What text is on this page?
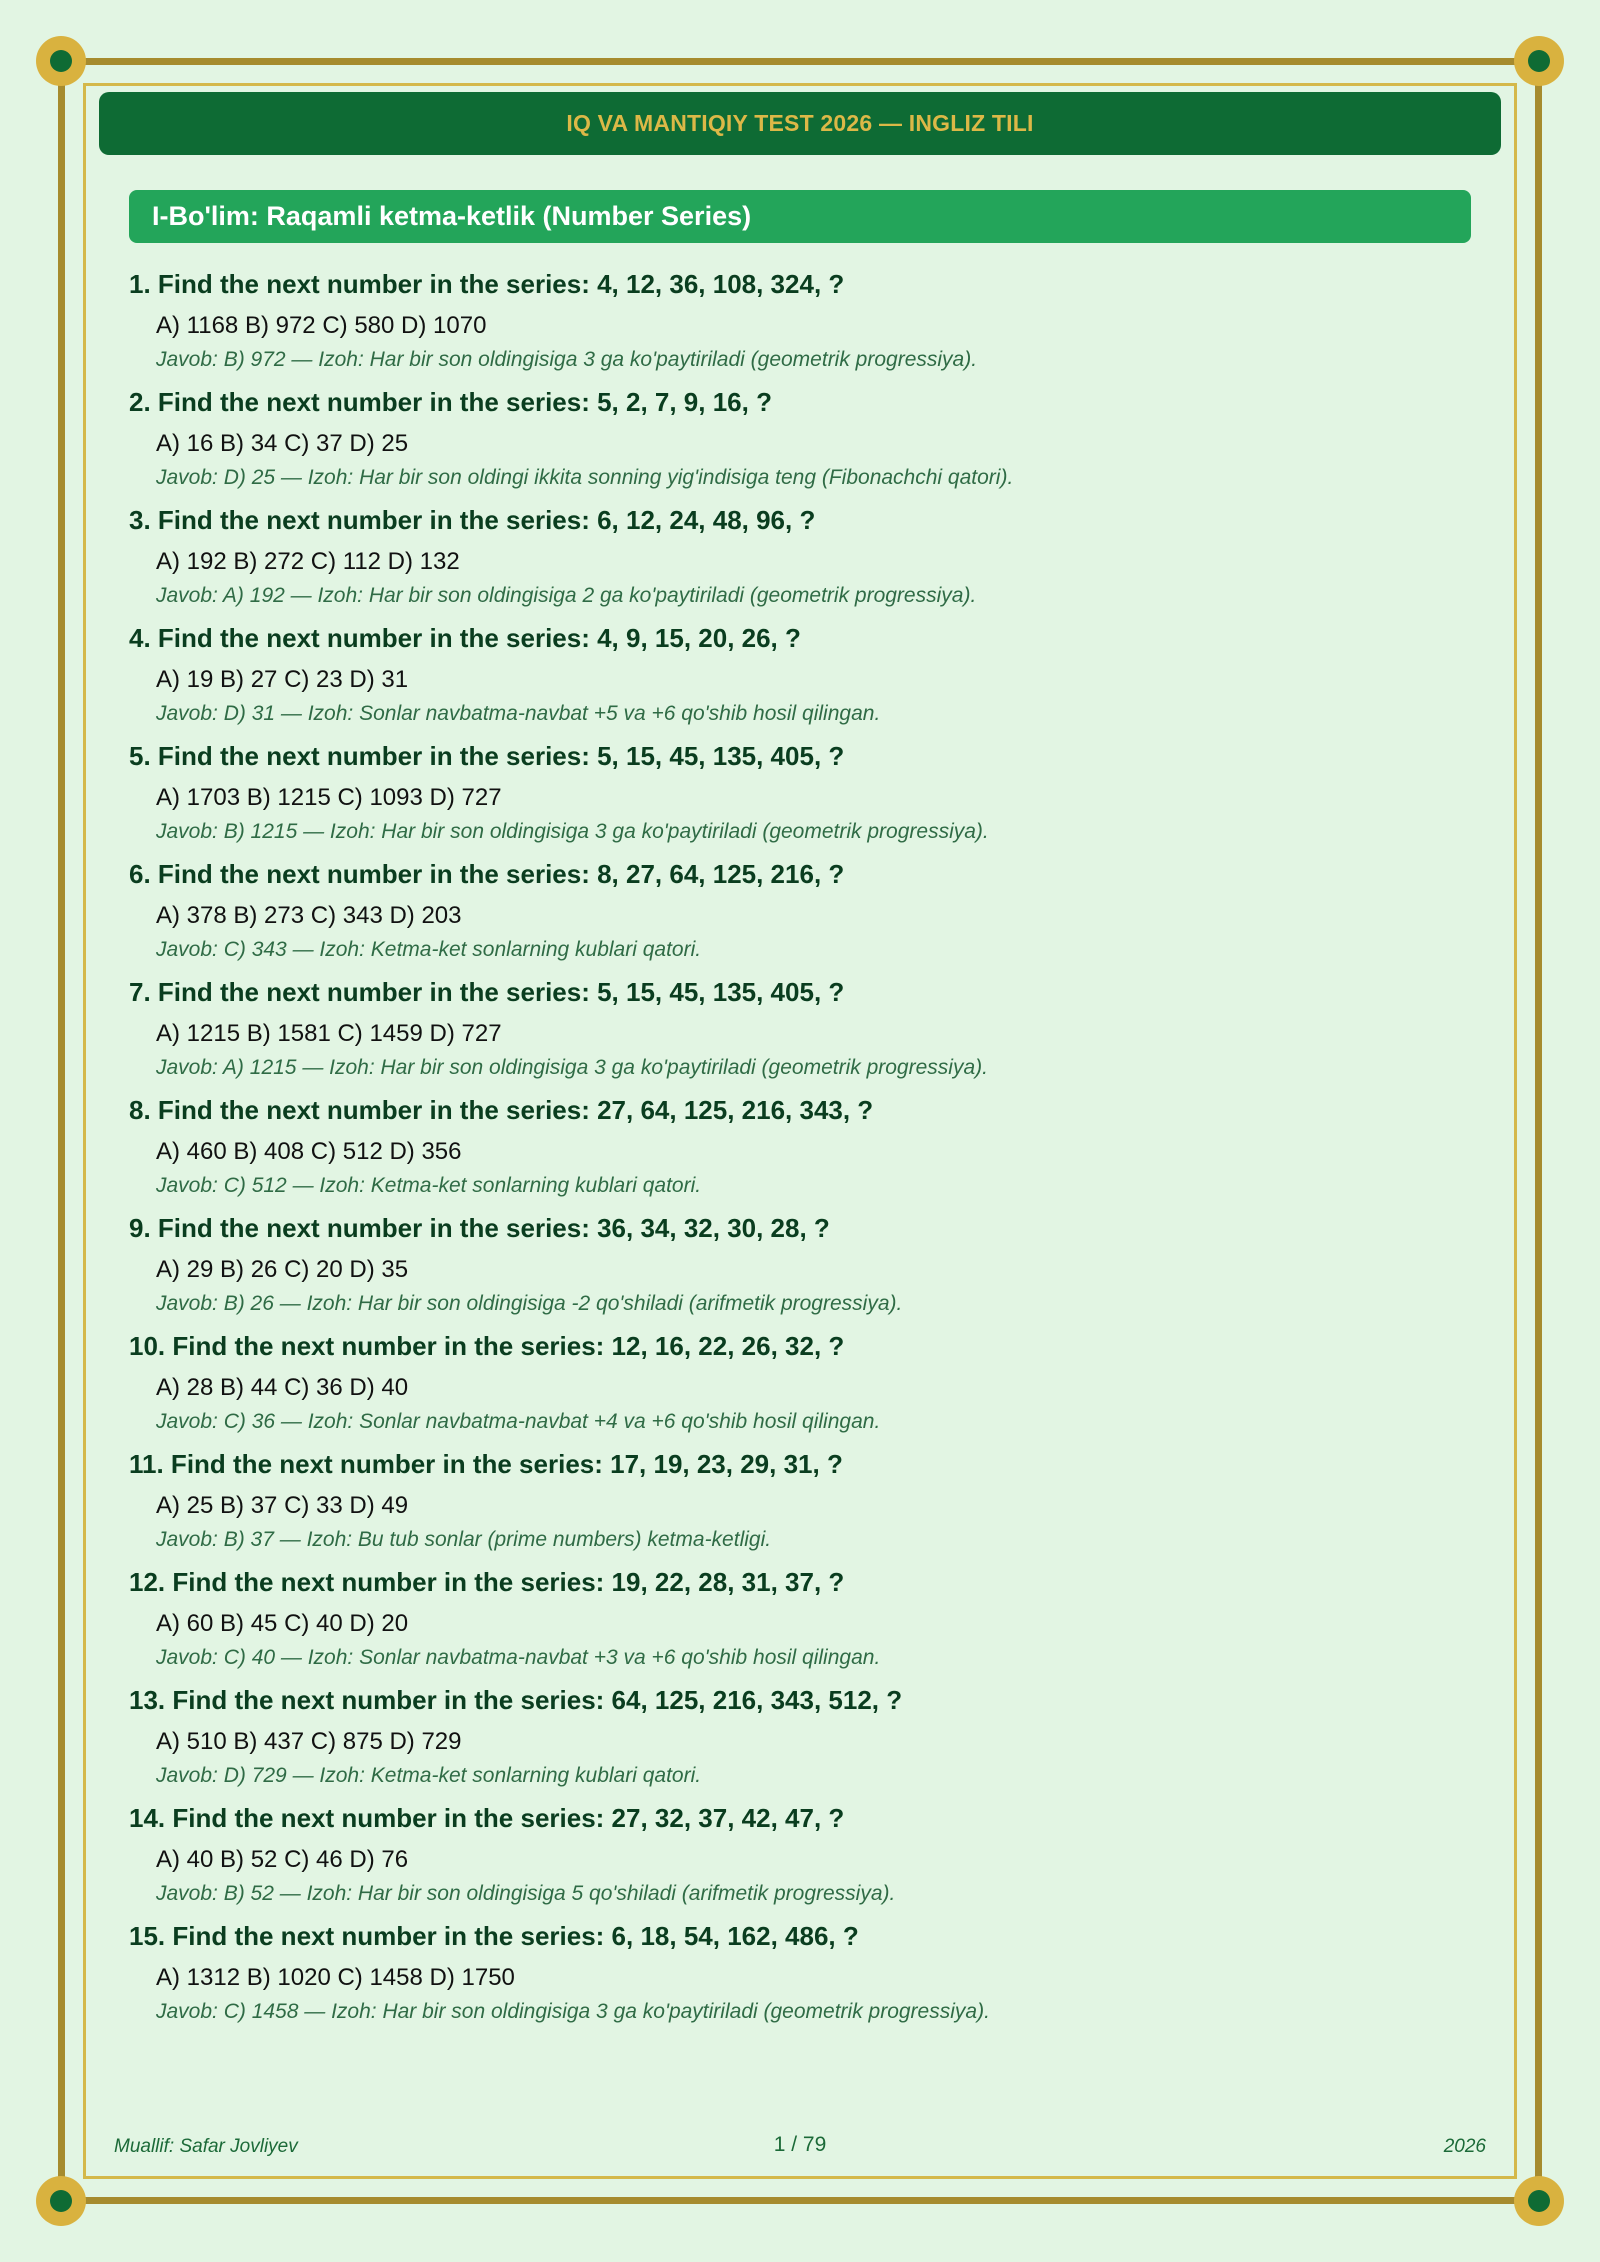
IQ VA MANTIQIY TEST 2026 — INGLIZ TILI
I-Bo'lim: Raqamli ketma-ketlik (Number Series)
1. Find the next number in the series: 4, 12, 36, 108, 324, ?
A) 1168 B) 972 C) 580 D) 1070
Javob: B) 972 — Izoh: Har bir son oldingisiga 3 ga ko'paytiriladi (geometrik progressiya).
2. Find the next number in the series: 5, 2, 7, 9, 16, ?
A) 16 B) 34 C) 37 D) 25
Javob: D) 25 — Izoh: Har bir son oldingi ikkita sonning yig'indisiga teng (Fibonachchi qatori).
3. Find the next number in the series: 6, 12, 24, 48, 96, ?
A) 192 B) 272 C) 112 D) 132
Javob: A) 192 — Izoh: Har bir son oldingisiga 2 ga ko'paytiriladi (geometrik progressiya).
4. Find the next number in the series: 4, 9, 15, 20, 26, ?
A) 19 B) 27 C) 23 D) 31
Javob: D) 31 — Izoh: Sonlar navbatma-navbat +5 va +6 qo'shib hosil qilingan.
5. Find the next number in the series: 5, 15, 45, 135, 405, ?
A) 1703 B) 1215 C) 1093 D) 727
Javob: B) 1215 — Izoh: Har bir son oldingisiga 3 ga ko'paytiriladi (geometrik progressiya).
6. Find the next number in the series: 8, 27, 64, 125, 216, ?
A) 378 B) 273 C) 343 D) 203
Javob: C) 343 — Izoh: Ketma-ket sonlarning kublari qatori.
7. Find the next number in the series: 5, 15, 45, 135, 405, ?
A) 1215 B) 1581 C) 1459 D) 727
Javob: A) 1215 — Izoh: Har bir son oldingisiga 3 ga ko'paytiriladi (geometrik progressiya).
8. Find the next number in the series: 27, 64, 125, 216, 343, ?
A) 460 B) 408 C) 512 D) 356
Javob: C) 512 — Izoh: Ketma-ket sonlarning kublari qatori.
9. Find the next number in the series: 36, 34, 32, 30, 28, ?
A) 29 B) 26 C) 20 D) 35
Javob: B) 26 — Izoh: Har bir son oldingisiga -2 qo'shiladi (arifmetik progressiya).
10. Find the next number in the series: 12, 16, 22, 26, 32, ?
A) 28 B) 44 C) 36 D) 40
Javob: C) 36 — Izoh: Sonlar navbatma-navbat +4 va +6 qo'shib hosil qilingan.
11. Find the next number in the series: 17, 19, 23, 29, 31, ?
A) 25 B) 37 C) 33 D) 49
Javob: B) 37 — Izoh: Bu tub sonlar (prime numbers) ketma-ketligi.
12. Find the next number in the series: 19, 22, 28, 31, 37, ?
A) 60 B) 45 C) 40 D) 20
Javob: C) 40 — Izoh: Sonlar navbatma-navbat +3 va +6 qo'shib hosil qilingan.
13. Find the next number in the series: 64, 125, 216, 343, 512, ?
A) 510 B) 437 C) 875 D) 729
Javob: D) 729 — Izoh: Ketma-ket sonlarning kublari qatori.
14. Find the next number in the series: 27, 32, 37, 42, 47, ?
A) 40 B) 52 C) 46 D) 76
Javob: B) 52 — Izoh: Har bir son oldingisiga 5 qo'shiladi (arifmetik progressiya).
15. Find the next number in the series: 6, 18, 54, 162, 486, ?
A) 1312 B) 1020 C) 1458 D) 1750
Javob: C) 1458 — Izoh: Har bir son oldingisiga 3 ga ko'paytiriladi (geometrik progressiya).
Muallif: Safar Jovliyev	1 / 79	2026
